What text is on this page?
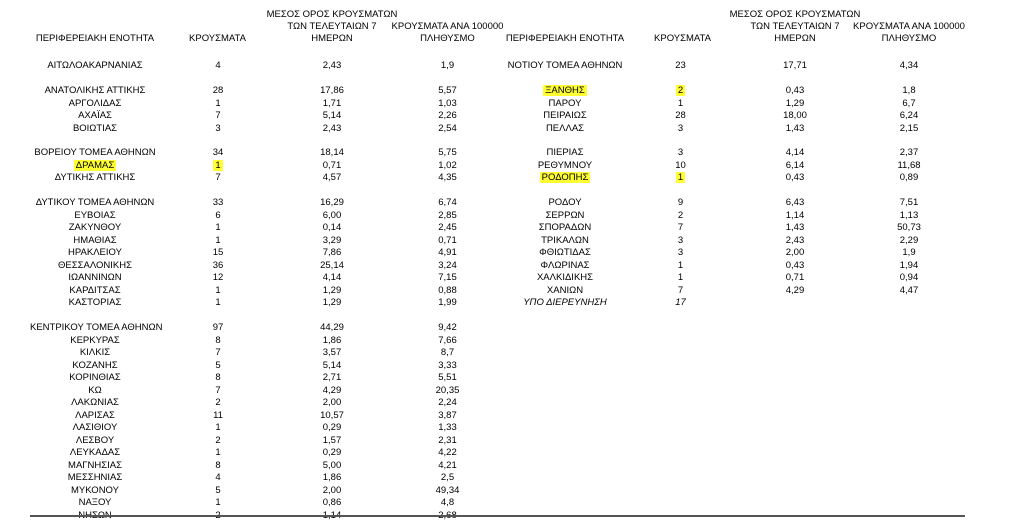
ΠΕΡΙΦΕΡΕΙΑΚΗ ΕΝΟΤΗΤΑ	ΚΡΟΥΣΜΑΤΑ
ΜΕΣΟΣ ΟΡΟΣ ΚΡΟΥΣΜΑΤΩΝ
ΤΩΝ ΤΕΛΕΥΤΑΙΩΝ 7
ΗΜΕΡΩΝ
ΚΡΟΥΣΜΑΤΑ ΑΝΑ 100000
ΠΛΗΘΥΣΜΟ	ΠΕΡΙΦΕΡΕΙΑΚΗ ΕΝΟΤΗΤΑ	ΚΡΟΥΣΜΑΤΑ
ΜΕΣΟΣ ΟΡΟΣ ΚΡΟΥΣΜΑΤΩΝ
ΤΩΝ ΤΕΛΕΥΤΑΙΩΝ 7
ΗΜΕΡΩΝ
ΚΡΟΥΣΜΑΤΑ ΑΝΑ 100000
ΠΛΗΘΥΣΜΟ
ΑΙΤΩΛΟΑΚΑΡΝΑΝΙΑΣ	4	2,43	1,9
ΑΝΑΤΟΛΙΚΗΣ ΑΤΤΙΚΗΣ	28	17,86	5,57
ΑΡΓΟΛΙΔΑΣ	1	1,71	1,03
ΑΧΑΪΑΣ	7	5,14	2,26
ΒΟΙΩΤΙΑΣ	3	2,43	2,54
ΒΟΡΕΙΟΥ ΤΟΜΕΑ ΑΘΗΝΩΝ	34	18,14	5,75
ΔΡΑΜΑΣ	1	0,71	1,02
ΔΥΤΙΚΗΣ ΑΤΤΙΚΗΣ	7	4,57	4,35
ΔΥΤΙΚΟΥ ΤΟΜΕΑ ΑΘΗΝΩΝ	33	16,29	6,74
ΕΥΒΟΙΑΣ	6	6,00	2,85
ΖΑΚΥΝΘΟΥ	1	0,14	2,45
ΗΜΑΘΙΑΣ	1	3,29	0,71
ΗΡΑΚΛΕΙΟΥ	15	7,86	4,91
ΘΕΣΣΑΛΟΝΙΚΗΣ	36	25,14	3,24
ΙΩΑΝΝΙΝΩΝ	12	4,14	7,15
ΚΑΡΔΙΤΣΑΣ	1	1,29	0,88
ΚΑΣΤΟΡΙΑΣ	1	1,29	1,99
ΚΕΝΤΡΙΚΟΥ ΤΟΜΕΑ ΑΘΗΝΩΝ	97	44,29	9,42
ΚΕΡΚΥΡΑΣ	8	1,86	7,66
ΚΙΛΚΙΣ	7	3,57	8,7
ΚΟΖΑΝΗΣ	5	5,14	3,33
ΚΟΡΙΝΘΙΑΣ	8	2,71	5,51
ΚΩ	7	4,29	20,35
ΛΑΚΩΝΙΑΣ	2	2,00	2,24
ΛΑΡΙΣΑΣ	11	10,57	3,87
ΛΑΣΙΘΙΟΥ	1	0,29	1,33
ΛΕΣΒΟΥ	2	1,57	2,31
ΛΕΥΚΑΔΑΣ	1	0,29	4,22
ΜΑΓΝΗΣΙΑΣ	8	5,00	4,21
ΜΕΣΣΗΝΙΑΣ	4	1,86	2,5
ΜΥΚΟΝΟΥ	5	2,00	49,34
ΝΑΞΟΥ	1	0,86	4,8
ΝΟΤΙΟΥ ΤΟΜΕΑ ΑΘΗΝΩΝ	23	17,71	4,34
ΞΑΝΘΗΣ	2	0,43	1,8
ΠΑΡΟΥ	1	1,29	6,7
ΠΕΙΡΑΙΩΣ	28	18,00	6,24
ΠΕΛΛΑΣ	3	1,43	2,15
ΠΙΕΡΙΑΣ	3	4,14	2,37
ΡΕΘΥΜΝΟΥ	10	6,14	11,68
ΡΟΔΟΠΗΣ	1	0,43	0,89
ΡΟΔΟΥ	9	6,43	7,51
ΣΕΡΡΩΝ	2	1,14	1,13
ΣΠΟΡΑΔΩΝ	7	1,43	50,73
ΤΡΙΚΑΛΩΝ	3	2,43	2,29
ΦΘΙΩΤΙΔΑΣ	3	2,00	1,9
ΦΛΩΡΙΝΑΣ	1	0,43	1,94
ΧΑΛΚΙΔΙΚΗΣ	1	0,71	0,94
ΧΑΝΙΩΝ	7	4,29	4,47
ΥΠΟ ΔΙΕΡΕΥΝΗΣΗ	17
